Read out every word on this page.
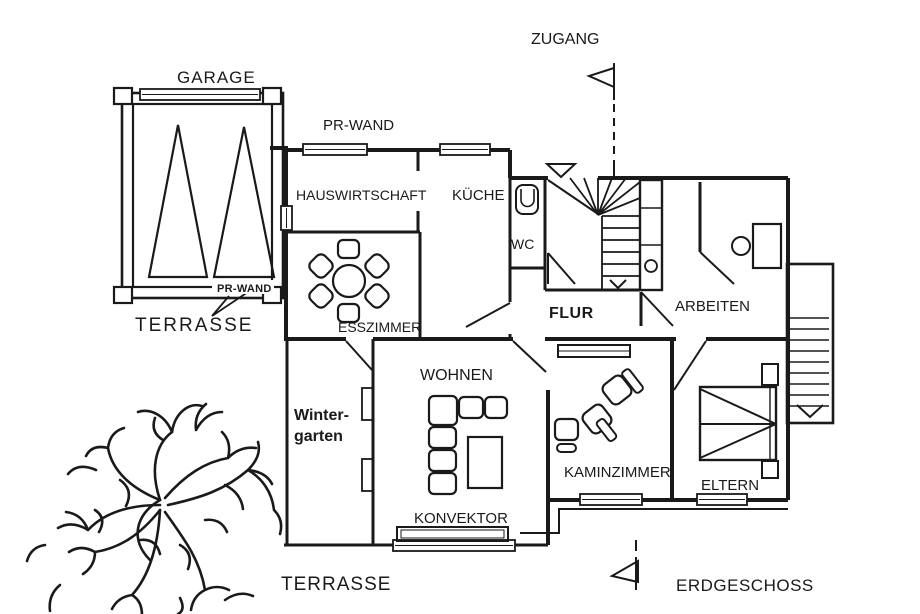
GARAGE
PR-WAND
ZUGANG
HAUSWIRTSCHAFT KÜCHE
WC
FLUR	ARBEITEN
ESSZIMMER
WOHNEN
Winter-
garten
KAMINZIMMER
ELTERN
KONVEKTOR
PR-WAND
TERRASSE
TERRASSE	ERDGESCHOSS
